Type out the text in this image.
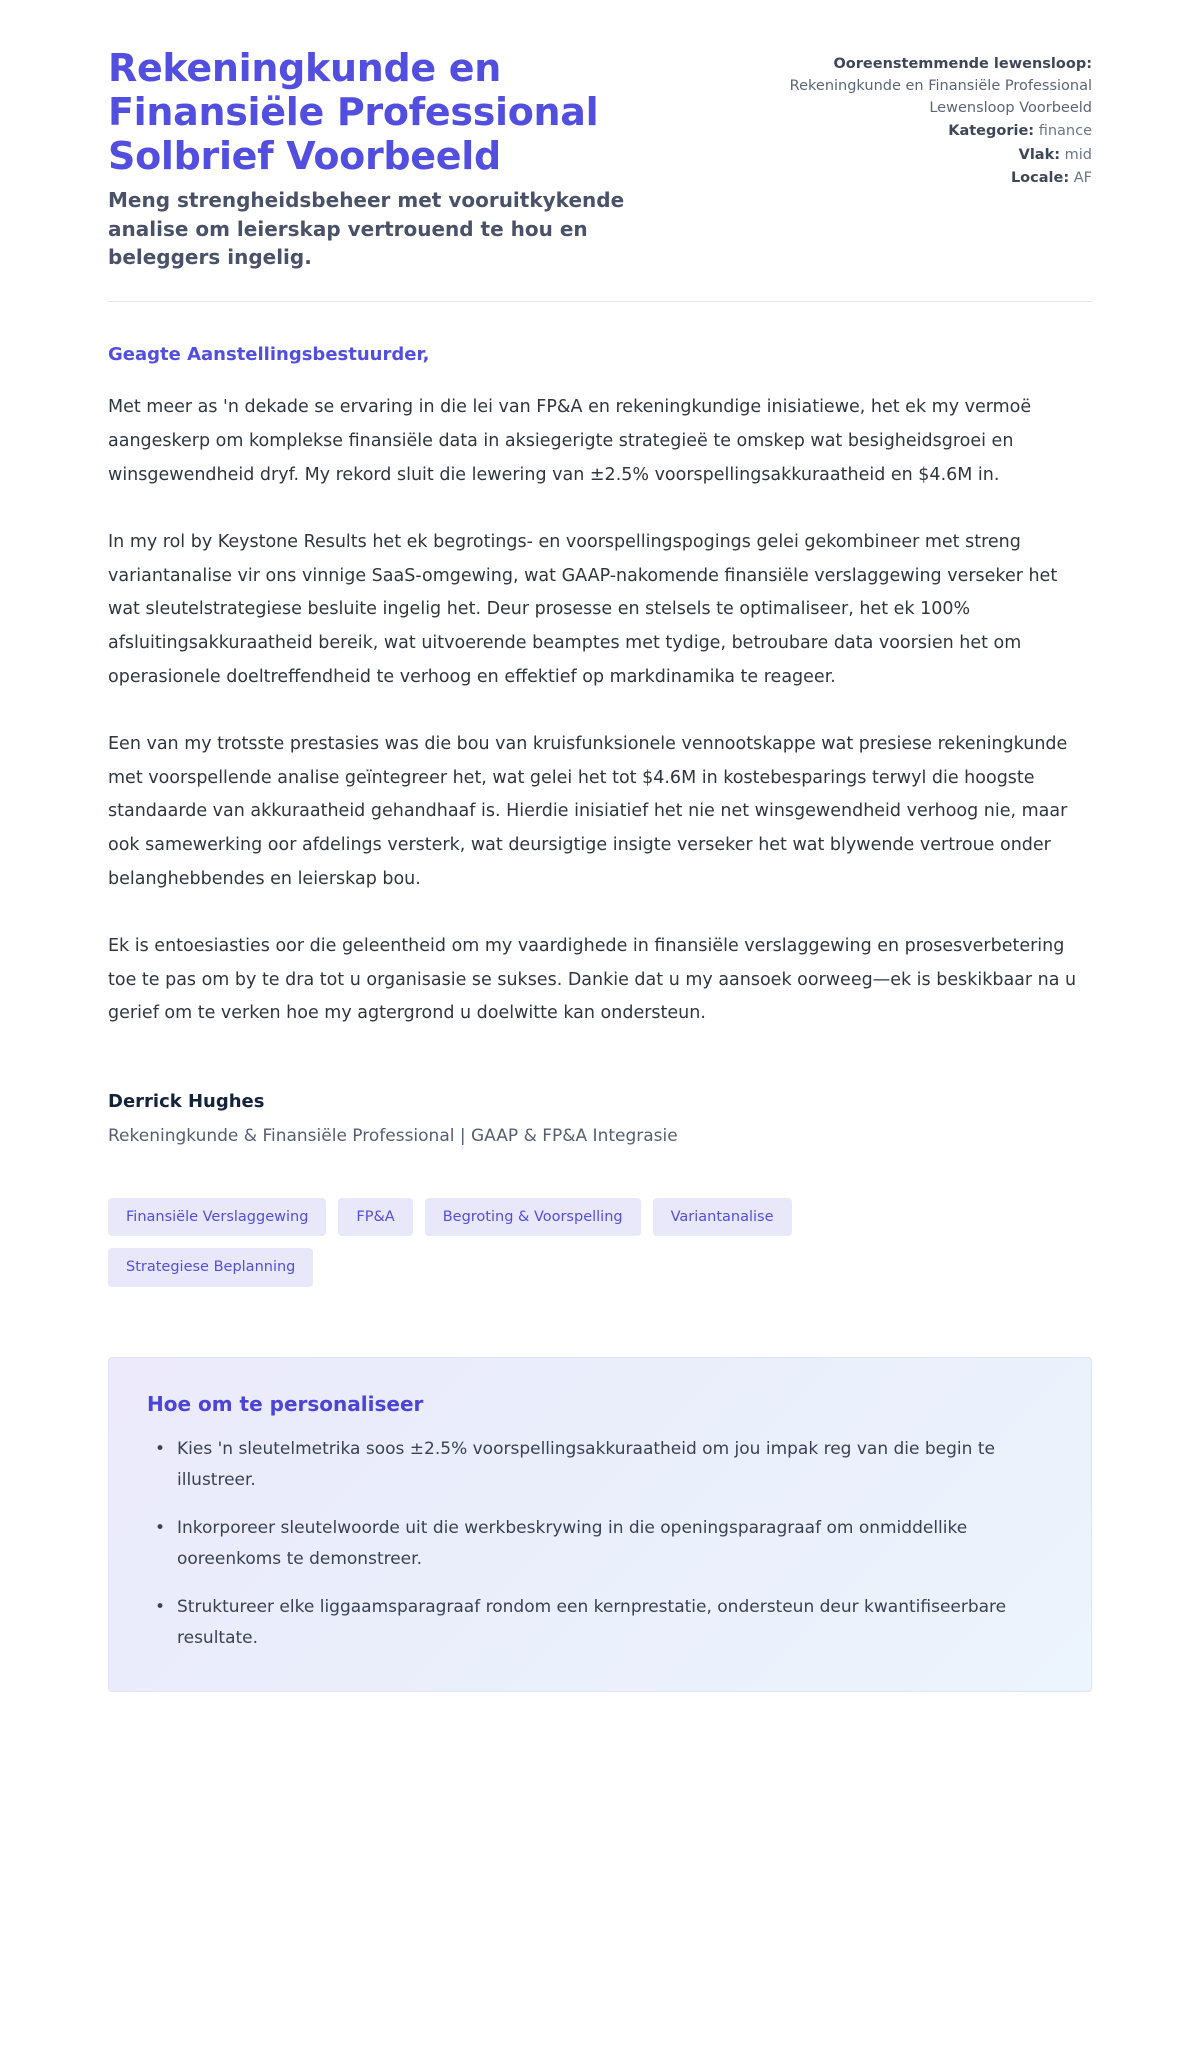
Rekeningkunde en Finansiële Professional Solbrief Voorbeeld

Meng strengheidsbeheer met vooruitkykende analise om leierskap vertrouend te hou en beleggers ingelig.

Ooreenstemmende lewensloop:
Rekeningkunde en Finansiële Professional Lewensloop Voorbeeld
Kategorie: finance
Vlak: mid
Locale: AF

Geagte Aanstellingsbestuurder,

Met meer as 'n dekade se ervaring in die lei van FP&A en rekeningkundige inisiatiewe, het ek my vermoë aangeskerp om komplekse finansiële data in aksiegerigte strategieë te omskep wat besigheidsgroei en winsgewendheid dryf. My rekord sluit die lewering van ±2.5% voorspellingsakkuraatheid en $4.6M in.

In my rol by Keystone Results het ek begrotings- en voorspellingspogings gelei gekombineer met streng variantanalise vir ons vinnige SaaS-omgewing, wat GAAP-nakomende finansiële verslaggewing verseker het wat sleutelstrategiese besluite ingelig het. Deur prosesse en stelsels te optimaliseer, het ek 100% afsluitingsakkuraatheid bereik, wat uitvoerende beamptes met tydige, betroubare data voorsien het om operasionele doeltreffendheid te verhoog en effektief op markdinamika te reageer.

Een van my trotsste prestasies was die bou van kruisfunksionele vennootskappe wat presiese rekeningkunde met voorspellende analise geïntegreer het, wat gelei het tot $4.6M in kostebesparings terwyl die hoogste standaarde van akkuraatheid gehandhaaf is. Hierdie inisiatief het nie net winsgewendheid verhoog nie, maar ook samewerking oor afdelings versterk, wat deursigtige insigte verseker het wat blywende vertroue onder belanghebbendes en leierskap bou.

Ek is entoesiasties oor die geleentheid om my vaardighede in finansiële verslaggewing en prosesverbetering toe te pas om by te dra tot u organisasie se sukses. Dankie dat u my aansoek oorweeg—ek is beskikbaar na u gerief om te verken hoe my agtergrond u doelwitte kan ondersteun.

Derrick Hughes

Rekeningkunde & Finansiële Professional | GAAP & FP&A Integrasie

Finansiële Verslaggewing	FP&A	Begroting & Voorspelling	Variantanalise
Strategiese Beplanning
Hoe om te personaliseer
• Kies 'n sleutelmetrika soos ±2.5% voorspellingsakkuraatheid om jou impak reg van die begin te illustreer.
• Inkorporeer sleutelwoorde uit die werkbeskrywing in die openingsparagraaf om onmiddellike ooreenkoms te demonstreer.
• Struktureer elke liggaamsparagraaf rondom een kernprestatie, ondersteun deur kwantifiseerbare resultate.
